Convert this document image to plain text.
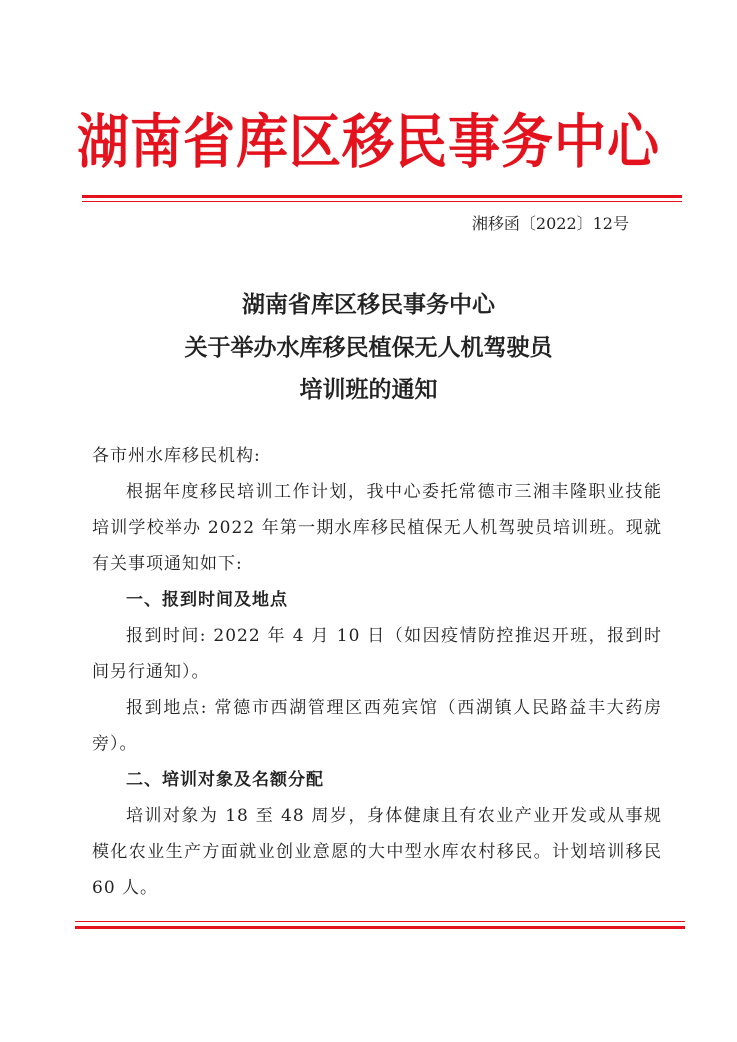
湖南省库区移民事务中心
湘移函〔2022〕12号
湖南省库区移民事务中心
关于举办水库移民植保无人机驾驶员
培训班的通知
各市州水库移民机构:
根据年度移民培训工作计划，我中心委托常德市三湘丰隆职业技能培训学校举办 2022 年第一期水库移民植保无人机驾驶员培训班。现就有关事项通知如下:
一、报到时间及地点
报到时间: 2022 年 4 月 10 日（如因疫情防控推迟开班，报到时间另行通知）。
报到地点: 常德市西湖管理区西苑宾馆（西湖镇人民路益丰大药房旁）。
二、培训对象及名额分配
培训对象为 18 至 48 周岁，身体健康且有农业产业开发或从事规模化农业生产方面就业创业意愿的大中型水库农村移民。计划培训移民 60 人。
